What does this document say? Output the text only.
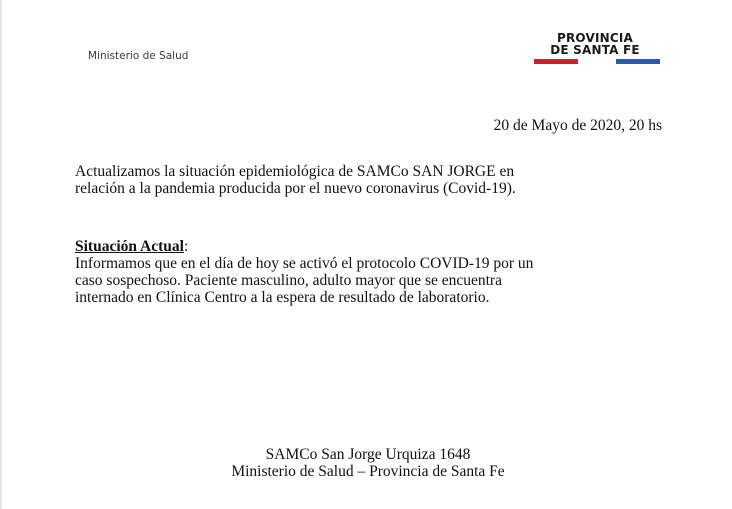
Ministerio de Salud
PROVINCIA
DE SANTA FE
20 de Mayo de 2020, 20 hs

Actualizamos la situación epidemiológica de SAMCo SAN JORGE en

relación a la pandemia producida por el nuevo coronavirus (Covid-19).

Situación Actual:

Informamos que en el día de hoy se activó el protocolo COVID-19 por un

caso sospechoso. Paciente masculino, adulto mayor que se encuentra

internado en Clínica Centro a la espera de resultado de laboratorio.

SAMCo San Jorge Urquiza 1648

Ministerio de Salud – Provincia de Santa Fe
